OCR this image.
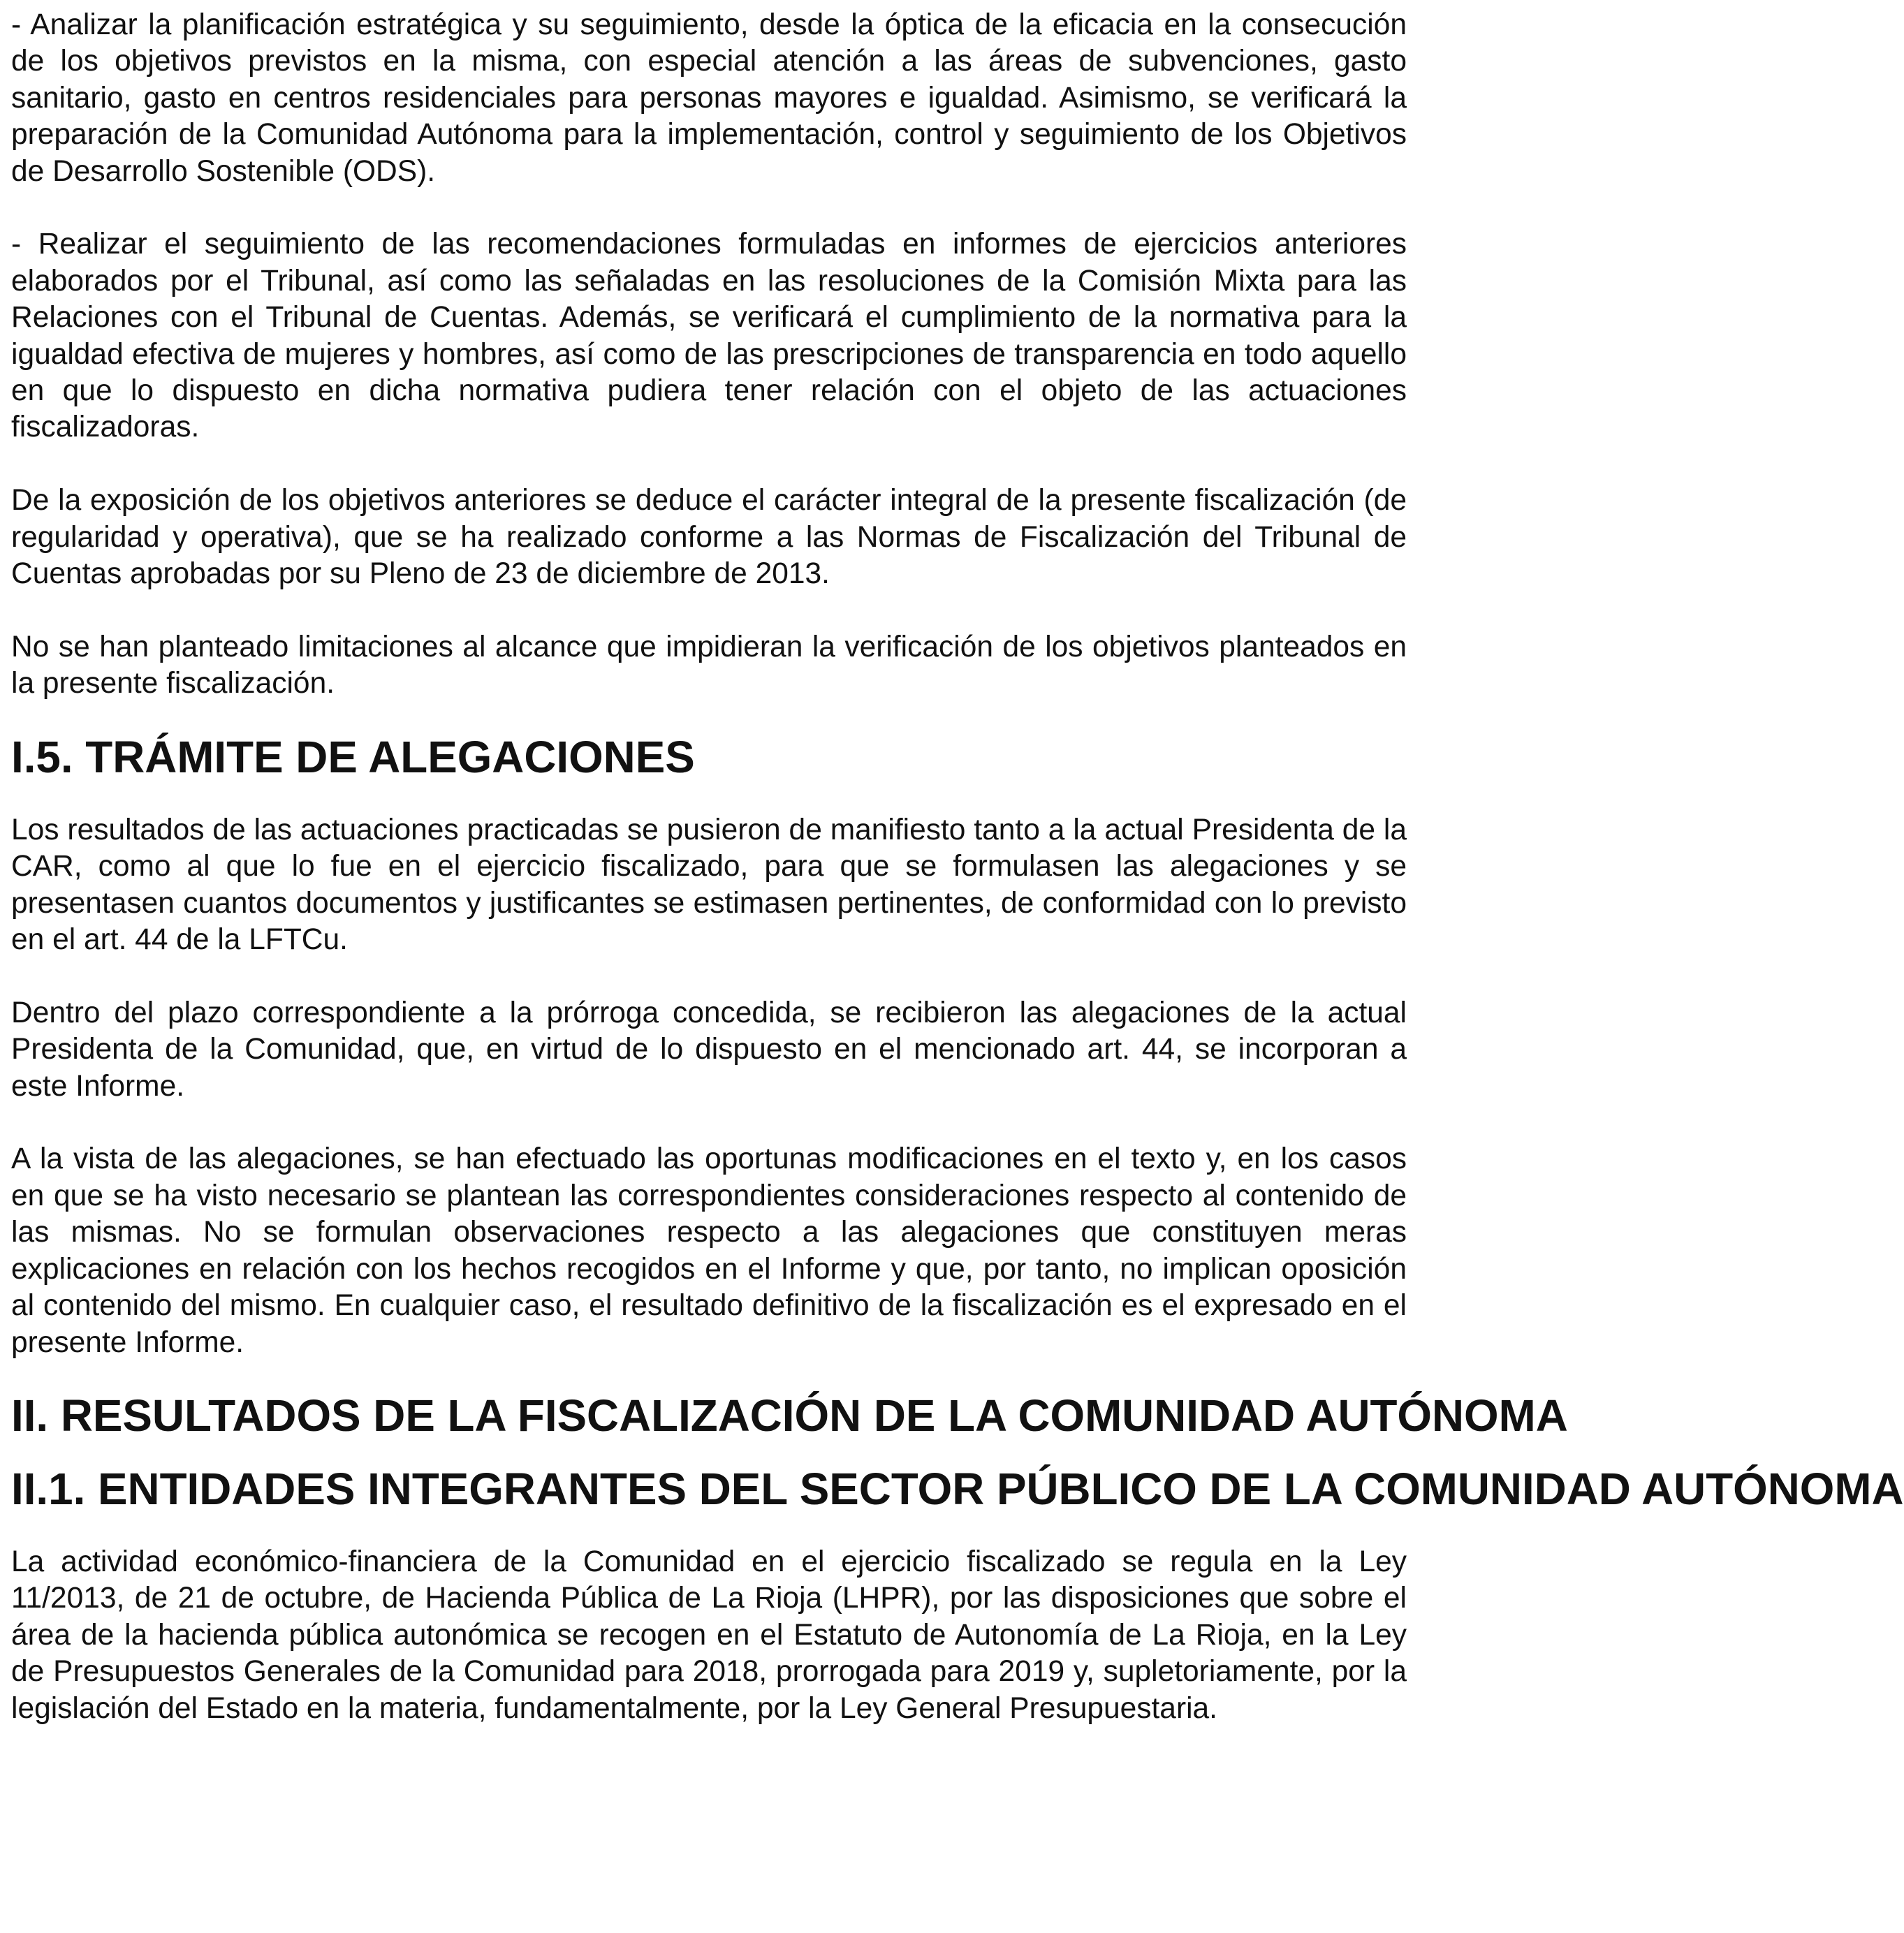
- Analizar la planificación estratégica y su seguimiento, desde la óptica de la eficacia en la consecución de los objetivos previstos en la misma, con especial atención a las áreas de subvenciones, gasto sanitario, gasto en centros residenciales para personas mayores e igualdad. Asimismo, se verificará la preparación de la Comunidad Autónoma para la implementación, control y seguimiento de los Objetivos de Desarrollo Sostenible (ODS).

- Realizar el seguimiento de las recomendaciones formuladas en informes de ejercicios anteriores elaborados por el Tribunal, así como las señaladas en las resoluciones de la Comisión Mixta para las Relaciones con el Tribunal de Cuentas. Además, se verificará el cumplimiento de la normativa para la igualdad efectiva de mujeres y hombres, así como de las prescripciones de transparencia en todo aquello en que lo dispuesto en dicha normativa pudiera tener relación con el objeto de las actuaciones fiscalizadoras.

De la exposición de los objetivos anteriores se deduce el carácter integral de la presente fiscalización (de regularidad y operativa), que se ha realizado conforme a las Normas de Fiscalización del Tribunal de Cuentas aprobadas por su Pleno de 23 de diciembre de 2013.

No se han planteado limitaciones al alcance que impidieran la verificación de los objetivos planteados en la presente fiscalización.

I.5. TRÁMITE DE ALEGACIONES

Los resultados de las actuaciones practicadas se pusieron de manifiesto tanto a la actual Presidenta de la CAR, como al que lo fue en el ejercicio fiscalizado, para que se formulasen las alegaciones y se presentasen cuantos documentos y justificantes se estimasen pertinentes, de conformidad con lo previsto en el art. 44 de la LFTCu.

Dentro del plazo correspondiente a la prórroga concedida, se recibieron las alegaciones de la actual Presidenta de la Comunidad, que, en virtud de lo dispuesto en el mencionado art. 44, se incorporan a este Informe.

A la vista de las alegaciones, se han efectuado las oportunas modificaciones en el texto y, en los casos en que se ha visto necesario se plantean las correspondientes consideraciones respecto al contenido de las mismas. No se formulan observaciones respecto a las alegaciones que constituyen meras explicaciones en relación con los hechos recogidos en el Informe y que, por tanto, no implican oposición al contenido del mismo. En cualquier caso, el resultado definitivo de la fiscalización es el expresado en el presente Informe.

II. RESULTADOS DE LA FISCALIZACIÓN DE LA COMUNIDAD AUTÓNOMA
II.1. ENTIDADES INTEGRANTES DEL SECTOR PÚBLICO DE LA COMUNIDAD AUTÓNOMA

La actividad económico-financiera de la Comunidad en el ejercicio fiscalizado se regula en la Ley 11/2013, de 21 de octubre, de Hacienda Pública de La Rioja (LHPR), por las disposiciones que sobre el área de la hacienda pública autonómica se recogen en el Estatuto de Autonomía de La Rioja, en la Ley de Presupuestos Generales de la Comunidad para 2018, prorrogada para 2019 y, supletoriamente, por la legislación del Estado en la materia, fundamentalmente, por la Ley General Presupuestaria.
